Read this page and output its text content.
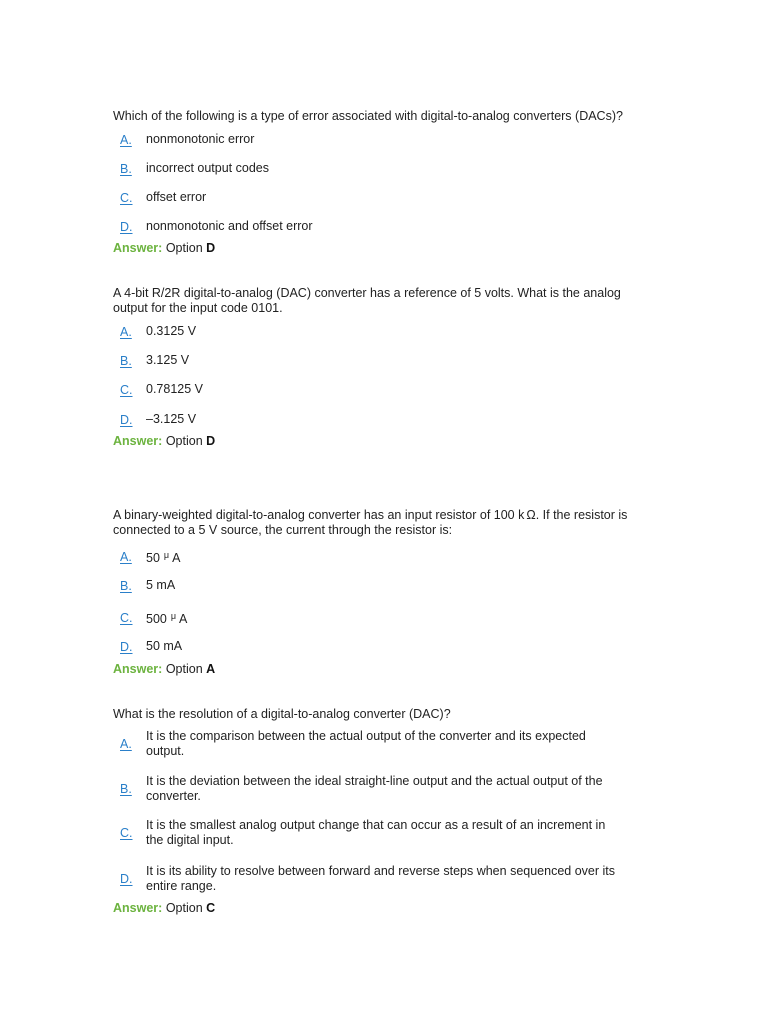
Which of the following is a type of error associated with digital-to-analog converters (DACs)?

A.	nonmonotonic error
B.	incorrect output codes
C.	offset error
D.	nonmonotonic and offset error
Answer: Option D

A 4-bit R/2R digital-to-analog (DAC) converter has a reference of 5 volts. What is the analog output for the input code 0101.

A.	0.3125 V
B.	3.125 V
C.	0.78125 V
D.	–3.125 V
Answer: Option D

A binary-weighted digital-to-analog converter has an input resistor of 100 k Ω. If the resistor is connected to a 5 V source, the current through the resistor is:

A.	50 $^\mu$ A
B.	5 mA
C.	500 $^\mu$ A
D.	50 mA
Answer: Option A

What is the resolution of a digital-to-analog converter (DAC)?

A.
It is the comparison between the actual output of the converter and its expected output.
B.
It is the deviation between the ideal straight-line output and the actual output of the converter.
C.
It is the smallest analog output change that can occur as a result of an increment in the digital input.
D.
It is its ability to resolve between forward and reverse steps when sequenced over its entire range.
Answer: Option C
